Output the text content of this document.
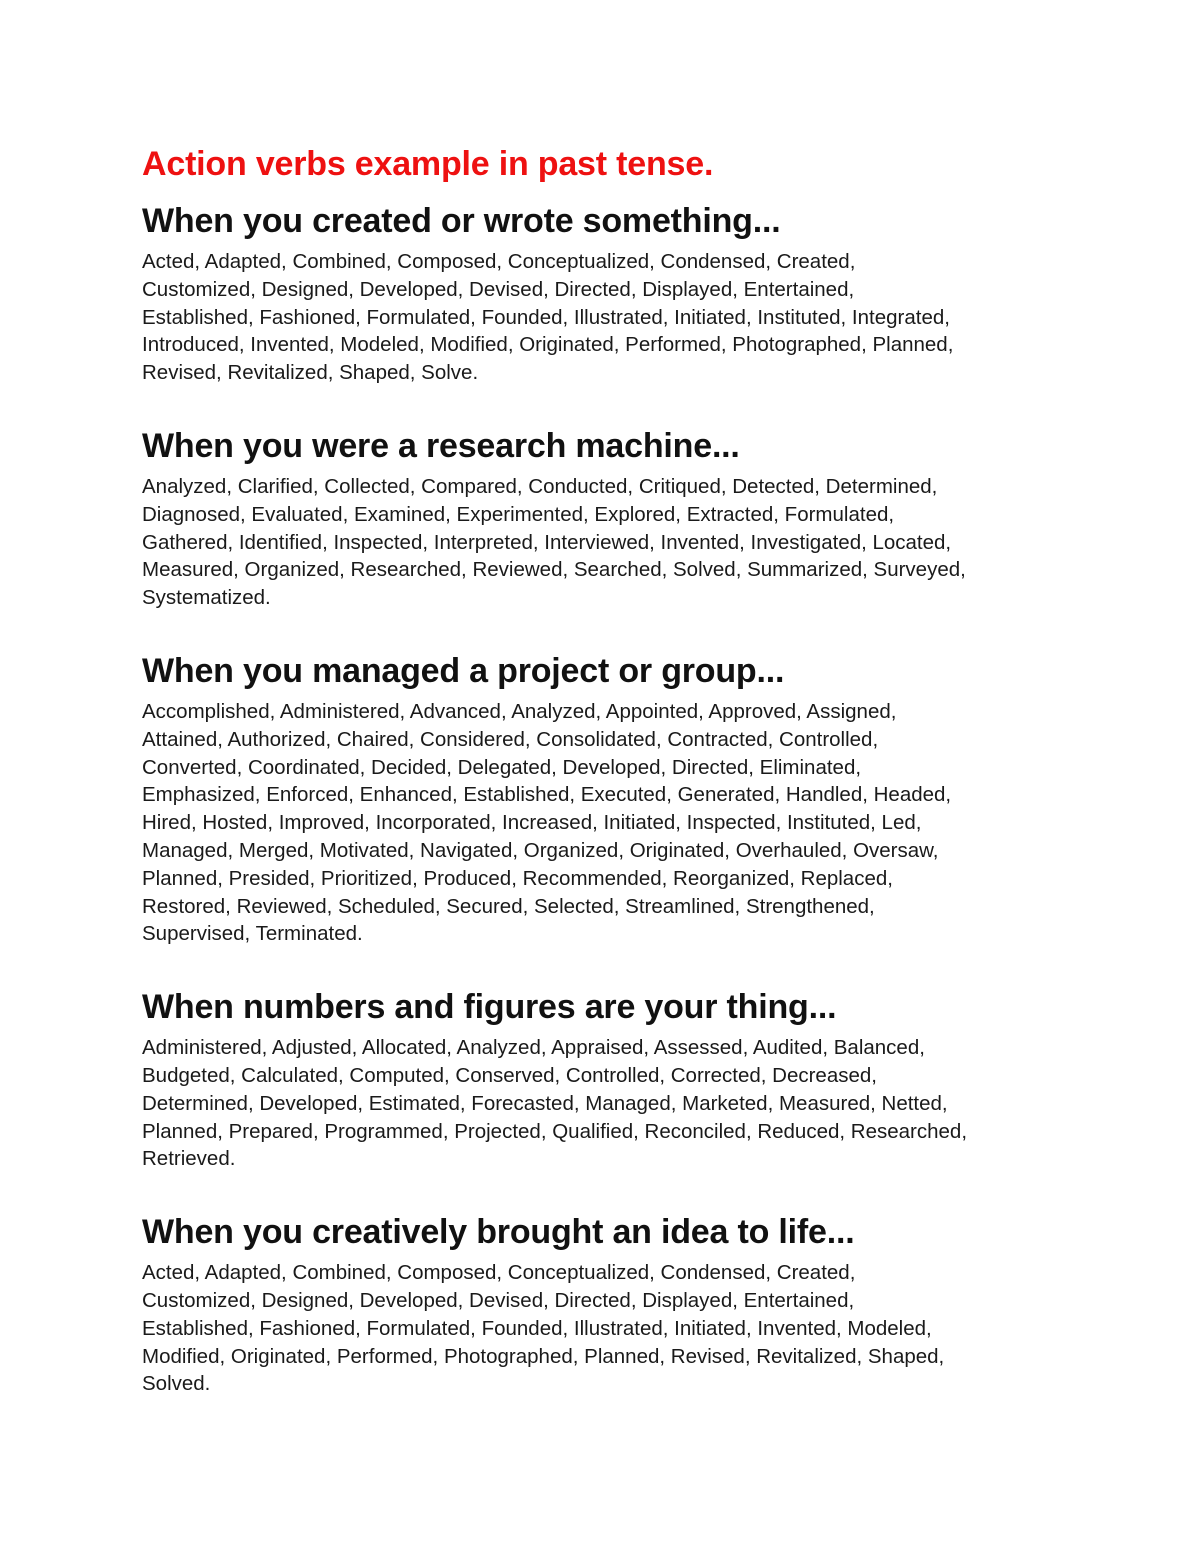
Action verbs example in past tense.
When you created or wrote something...

Acted, Adapted, Combined, Composed, Conceptualized, Condensed, Created,
Customized, Designed, Developed, Devised, Directed, Displayed, Entertained,
Established, Fashioned, Formulated, Founded, Illustrated, Initiated, Instituted, Integrated,
Introduced, Invented, Modeled, Modified, Originated, Performed, Photographed, Planned,
Revised, Revitalized, Shaped, Solve.

When you were a research machine...

Analyzed, Clarified, Collected, Compared, Conducted, Critiqued, Detected, Determined,
Diagnosed, Evaluated, Examined, Experimented, Explored, Extracted, Formulated,
Gathered, Identified, Inspected, Interpreted, Interviewed, Invented, Investigated, Located,
Measured, Organized, Researched, Reviewed, Searched, Solved, Summarized, Surveyed,
Systematized.

When you managed a project or group...

Accomplished, Administered, Advanced, Analyzed, Appointed, Approved, Assigned,
Attained, Authorized, Chaired, Considered, Consolidated, Contracted, Controlled,
Converted, Coordinated, Decided, Delegated, Developed, Directed, Eliminated,
Emphasized, Enforced, Enhanced, Established, Executed, Generated, Handled, Headed,
Hired, Hosted, Improved, Incorporated, Increased, Initiated, Inspected, Instituted, Led,
Managed, Merged, Motivated, Navigated, Organized, Originated, Overhauled, Oversaw,
Planned, Presided, Prioritized, Produced, Recommended, Reorganized, Replaced,
Restored, Reviewed, Scheduled, Secured, Selected, Streamlined, Strengthened,
Supervised, Terminated.

When numbers and figures are your thing...

Administered, Adjusted, Allocated, Analyzed, Appraised, Assessed, Audited, Balanced,
Budgeted, Calculated, Computed, Conserved, Controlled, Corrected, Decreased,
Determined, Developed, Estimated, Forecasted, Managed, Marketed, Measured, Netted,
Planned, Prepared, Programmed, Projected, Qualified, Reconciled, Reduced, Researched,
Retrieved.

When you creatively brought an idea to life...

Acted, Adapted, Combined, Composed, Conceptualized, Condensed, Created,
Customized, Designed, Developed, Devised, Directed, Displayed, Entertained,
Established, Fashioned, Formulated, Founded, Illustrated, Initiated, Invented, Modeled,
Modified, Originated, Performed, Photographed, Planned, Revised, Revitalized, Shaped,
Solved.
